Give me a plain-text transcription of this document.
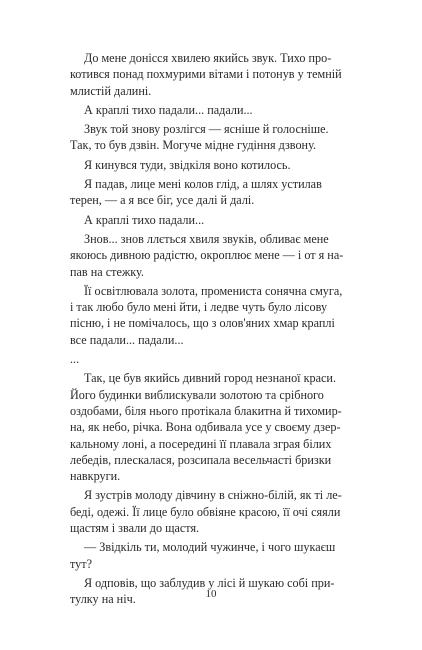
До мене донісся хвилею якийсь звук. Тихо про-
котився понад похмурими вітами і потонув у темній
млистій далині.

А краплі тихо падали... падали...

Звук той знову розлігся — ясніше й голосніше.
Так, то був дзвін. Могуче мідне гудіння дзвону.

Я кинувся туди, звідкіля воно котилось.

Я падав, лице мені колов глід, а шлях устилав
терен, — а я все біг, усе далі й далі.

А краплі тихо падали...

Знов... знов ллється хвиля звуків, обливає мене
якоюсь дивною радістю, окроплює мене — і от я на-
пав на стежку.

Її освітлювала золота, промениста сонячна смуга,
і так любо було мені йти, і ледве чуть було лісову
пісню, і не помічалось, що з олов'яних хмар краплі
все падали... падали...

...

Так, це був якийсь дивний город незнаної краси.
Його будинки виблискували золотою та срібного
оздобами, біля нього протікала блакитна й тихомир-
на, як небо, річка. Вона одбивала усе у своєму дзер-
кальному лоні, а посередині її плавала зграя білих
лебедів, плескалася, розсипала весельчасті бризки
навкруги.

Я зустрів молоду дівчину в сніжно-білій, як ті ле-
беді, одежі. Її лице було обвіяне красою, її очі сяяли
щастям і звали до щастя.

— Звідкіль ти, молодий чужинче, і чого шукаєш
тут?

Я одповів, що заблудив у лісі й шукаю собі при-
тулку на ніч.	10
